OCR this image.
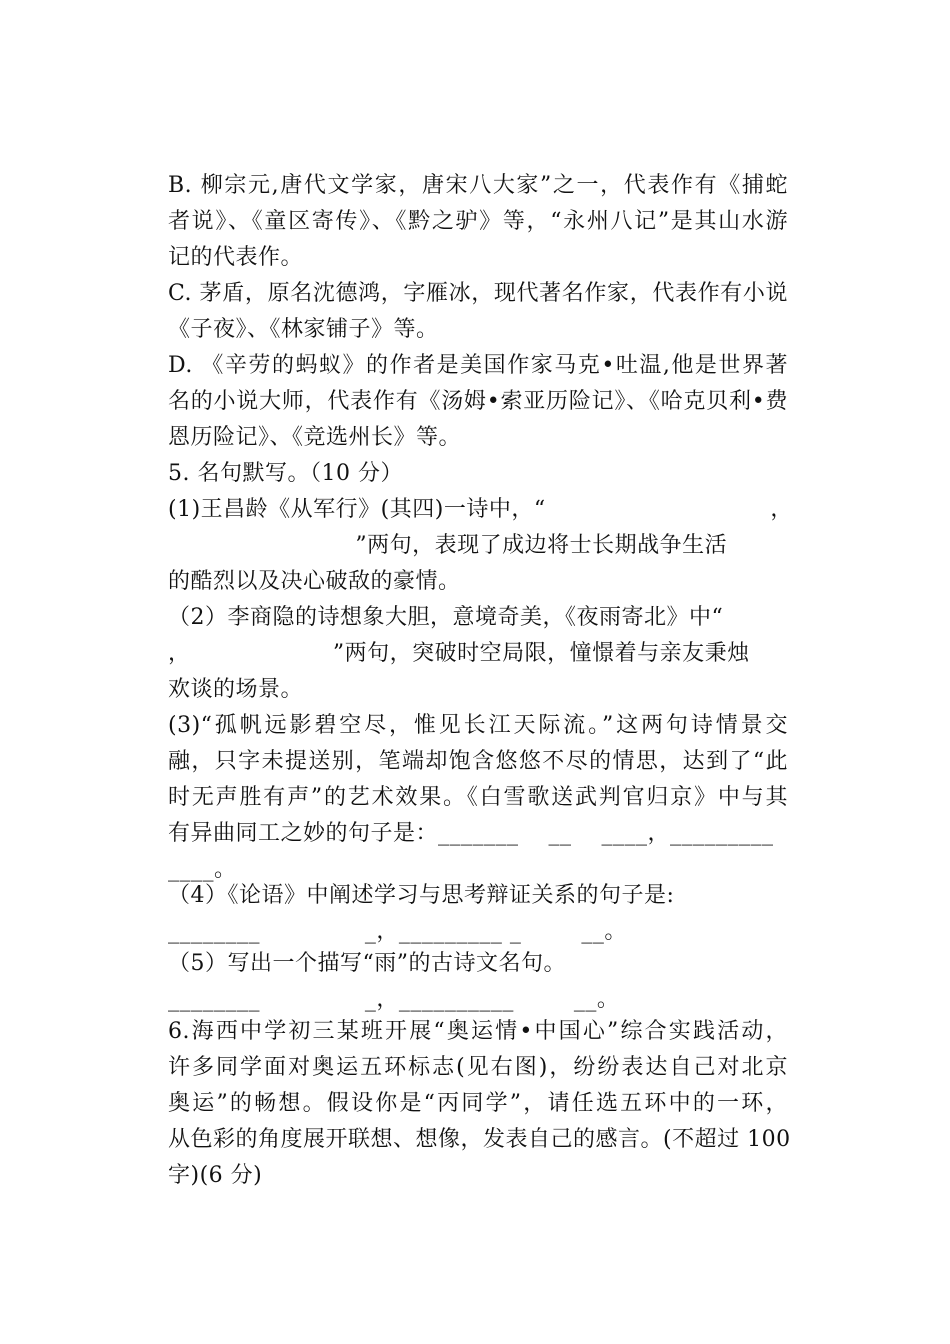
B. 柳宗元,唐代文学家，唐宋八大家”之一，代表作有《捕蛇
者说》、《童区寄传》、《黔之驴》等，“永州八记”是其山水游
记的代表作。
C. 茅盾，原名沈德鸿，字雁冰，现代著名作家，代表作有小说
《子夜》、《林家铺子》等。
D. 《辛劳的蚂蚁》的作者是美国作家马克•吐温,他是世界著
名的小说大师，代表作有《汤姆•索亚历险记》、《哈克贝利•费
恩历险记》、《竞选州长》等。
5. 名句默写。（10 分）
(1)王昌龄《从军行》(其四)一诗中，“                              ，
”两句，表现了成边将士长期战争生活
的酷烈以及决心破敌的豪情。
（2）李商隐的诗想象大胆，意境奇美，《夜雨寄北》中“
，                   ”两句，突破时空局限，憧憬着与亲友秉烛
欢谈的场景。
(3)“孤帆远影碧空尽，惟见长江天际流。”这两句诗情景交
融，只字未提送别，笔端却饱含悠悠不尽的情思，达到了“此
时无声胜有声”的艺术效果。《白雪歌送武判官归京》中与其
有异曲同工之妙的句子是：_______    __    ____，_________
____。
（4）《论语》中阐述学习与思考辩证关系的句子是:
________              _，_________ _        __。
（5）写出一个描写“雨”的古诗文名句。
________              _，__________        __。
6.海西中学初三某班开展“奥运情•中国心”综合实践活动，
许多同学面对奥运五环标志(见右图)，纷纷表达自己对北京
奥运”的畅想。假设你是“丙同学”，请任选五环中的一环，
从色彩的角度展开联想、想像，发表自己的感言。(不超过 100
字)(6 分)
